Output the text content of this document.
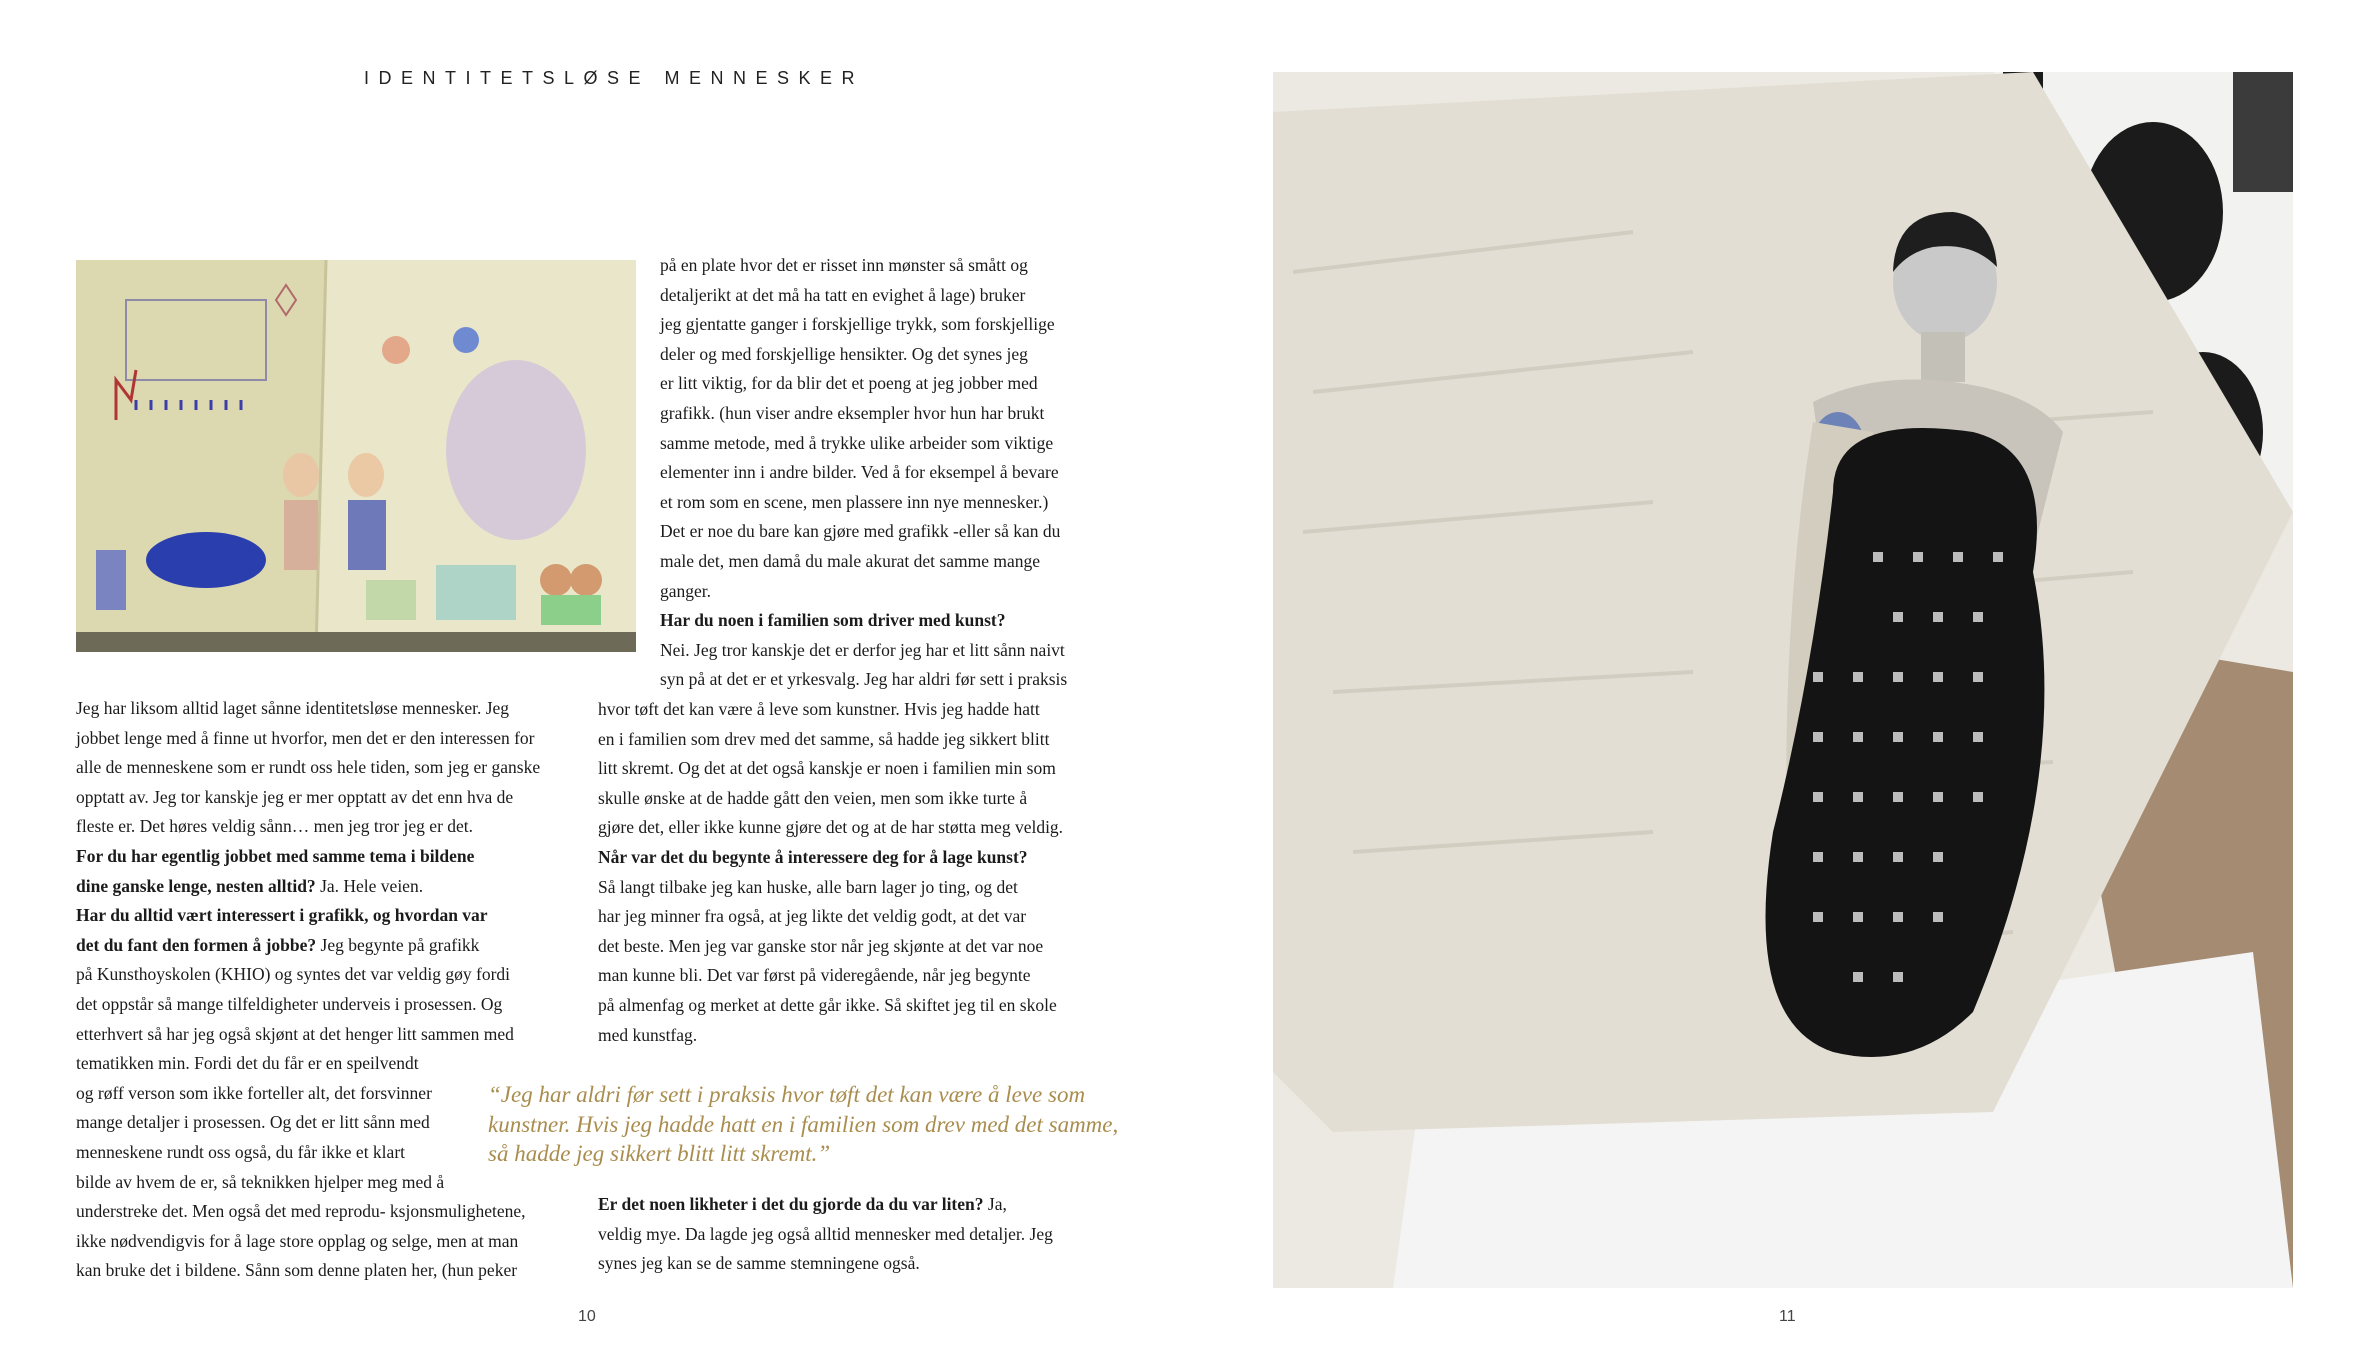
IDENTITETSLØSE MENNESKER
Jeg har liksom alltid laget sånne identitetsløse mennesker. Jeg
jobbet lenge med å finne ut hvorfor, men det er den interessen for
alle de menneskene som er rundt oss hele tiden, som jeg er ganske
opptatt av. Jeg tor kanskje jeg er mer opptatt av det enn hva de
fleste er. Det høres veldig sånn… men jeg tror jeg er det.
For du har egentlig jobbet med samme tema i bildene
dine ganske lenge, nesten alltid? Ja. Hele veien.
Har du alltid vært interessert i grafikk, og hvordan var
det du fant den formen å jobbe? Jeg begynte på grafikk
på Kunsthoyskolen (KHIO) og syntes det var veldig gøy fordi
det oppstår så mange tilfeldigheter underveis i prosessen. Og
etterhvert så har jeg også skjønt at det henger litt sammen med
tematikken min. Fordi det du får er en speilvendt
og røff verson som ikke forteller alt, det forsvinner
mange detaljer i prosessen. Og det er litt sånn med
menneskene rundt oss også, du får ikke et klart
bilde av hvem de er, så teknikken hjelper meg med å
understreke det. Men også det med reprodu- ksjonsmulighetene,
ikke nødvendigvis for å lage store opplag og selge, men at man
kan bruke det i bildene. Sånn som denne platen her, (hun peker
på en plate hvor det er risset inn mønster så smått og
detaljerikt at det må ha tatt en evighet å lage) bruker
jeg gjentatte ganger i forskjellige trykk, som forskjellige
deler og med forskjellige hensikter. Og det synes jeg
er litt viktig, for da blir det et poeng at jeg jobber med
grafikk. (hun viser andre eksempler hvor hun har brukt
samme metode, med å trykke ulike arbeider som viktige
elementer inn i andre bilder. Ved å for eksempel å bevare
et rom som en scene, men plassere inn nye mennesker.)
Det er noe du bare kan gjøre med grafikk -eller så kan du
male det, men damå du male akurat det samme mange
ganger.
Har du noen i familien som driver med kunst?
Nei. Jeg tror kanskje det er derfor jeg har et litt sånn naivt
syn på at det er et yrkesvalg. Jeg har aldri før sett i praksis
hvor tøft det kan være å leve som kunstner. Hvis jeg hadde hatt
en i familien som drev med det samme, så hadde jeg sikkert blitt
litt skremt. Og det at det også kanskje er noen i familien min som
skulle ønske at de hadde gått den veien, men som ikke turte å
gjøre det, eller ikke kunne gjøre det og at de har støtta meg veldig.
Når var det du begynte å interessere deg for å lage kunst?
Så langt tilbake jeg kan huske, alle barn lager jo ting, og det
har jeg minner fra også, at jeg likte det veldig godt, at det var
det beste. Men jeg var ganske stor når jeg skjønte at det var noe
man kunne bli. Det var først på videregående, når jeg begynte
på almenfag og merket at dette går ikke. Så skiftet jeg til en skole
med kunstfag.
“Jeg har aldri før sett i praksis hvor tøft det kan være å leve som
kunstner. Hvis jeg hadde hatt en i familien som drev med det samme,
så hadde jeg sikkert blitt litt skremt.”
Er det noen likheter i det du gjorde da du var liten? Ja,
veldig mye. Da lagde jeg også alltid mennesker med detaljer. Jeg
synes jeg kan se de samme stemningene også.
10	11
